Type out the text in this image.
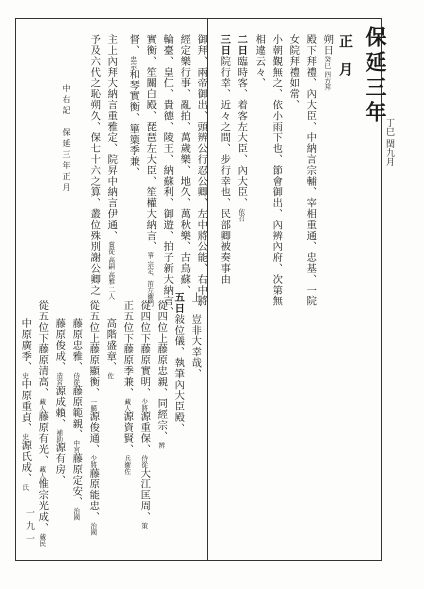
保延三年
丁巳 閏九月
正月
朔日癸巳 四方拜
殿下拜禮、內大臣、中納言宗輔、宰相重通、忠基、一院
女院拜禮如常、
小朝覲無之、依小雨下也、節會御出、內辨內府、次第無
相違云々、
二日臨時客、着客左大臣、內大臣、依召
三日院行幸、近々之間、步行幸也、民部卿被奏事由
御拜、兩帝御出、頭辨公行忍公卿、左中將公能、右中將
經定樂行事、亂拍、萬歲樂、地久、萬秋樂、古鳥蘇、
輪臺、皇仁、貴德、陵王、納蘇利、御遊、拍子新大納言、
實衡、笙關白殿、琵琶左大臣、笙權大納言、箏 宗定、笛左衞門
督、忠宗和琴實衡、篳篥季兼、
主上內拜大納言重雅定、院昇中納言伊通、賞從 高嗣 高雅 二人
予及六代之恥朔久、保七十六之算、叢位殊別謝公卿之
中右記　保延三年正月
上、豈非大幸哉、
五日敍位儀、執筆內大臣殿、
從四位上藤原忠親、同經宗、辨
從四位下藤原實明、少將源重保、侍從大江匡周、策
正五位下藤原季兼、藏人源資賢、兵衞佐
高階盛章、佐
從五位上藤原顯衡、一臈源俊通、少將藤原能忠、治國
藤原忠雅、侍從藤原範親、中宮藤原定安、治國
藤原俊成、造宮源成賴、補助源有房、
從五位下藤原清高、藏人藤原有光、藏人惟宗光成、蔵民
中原廣季、史中原重貞、史源氏成、氏
一九一
